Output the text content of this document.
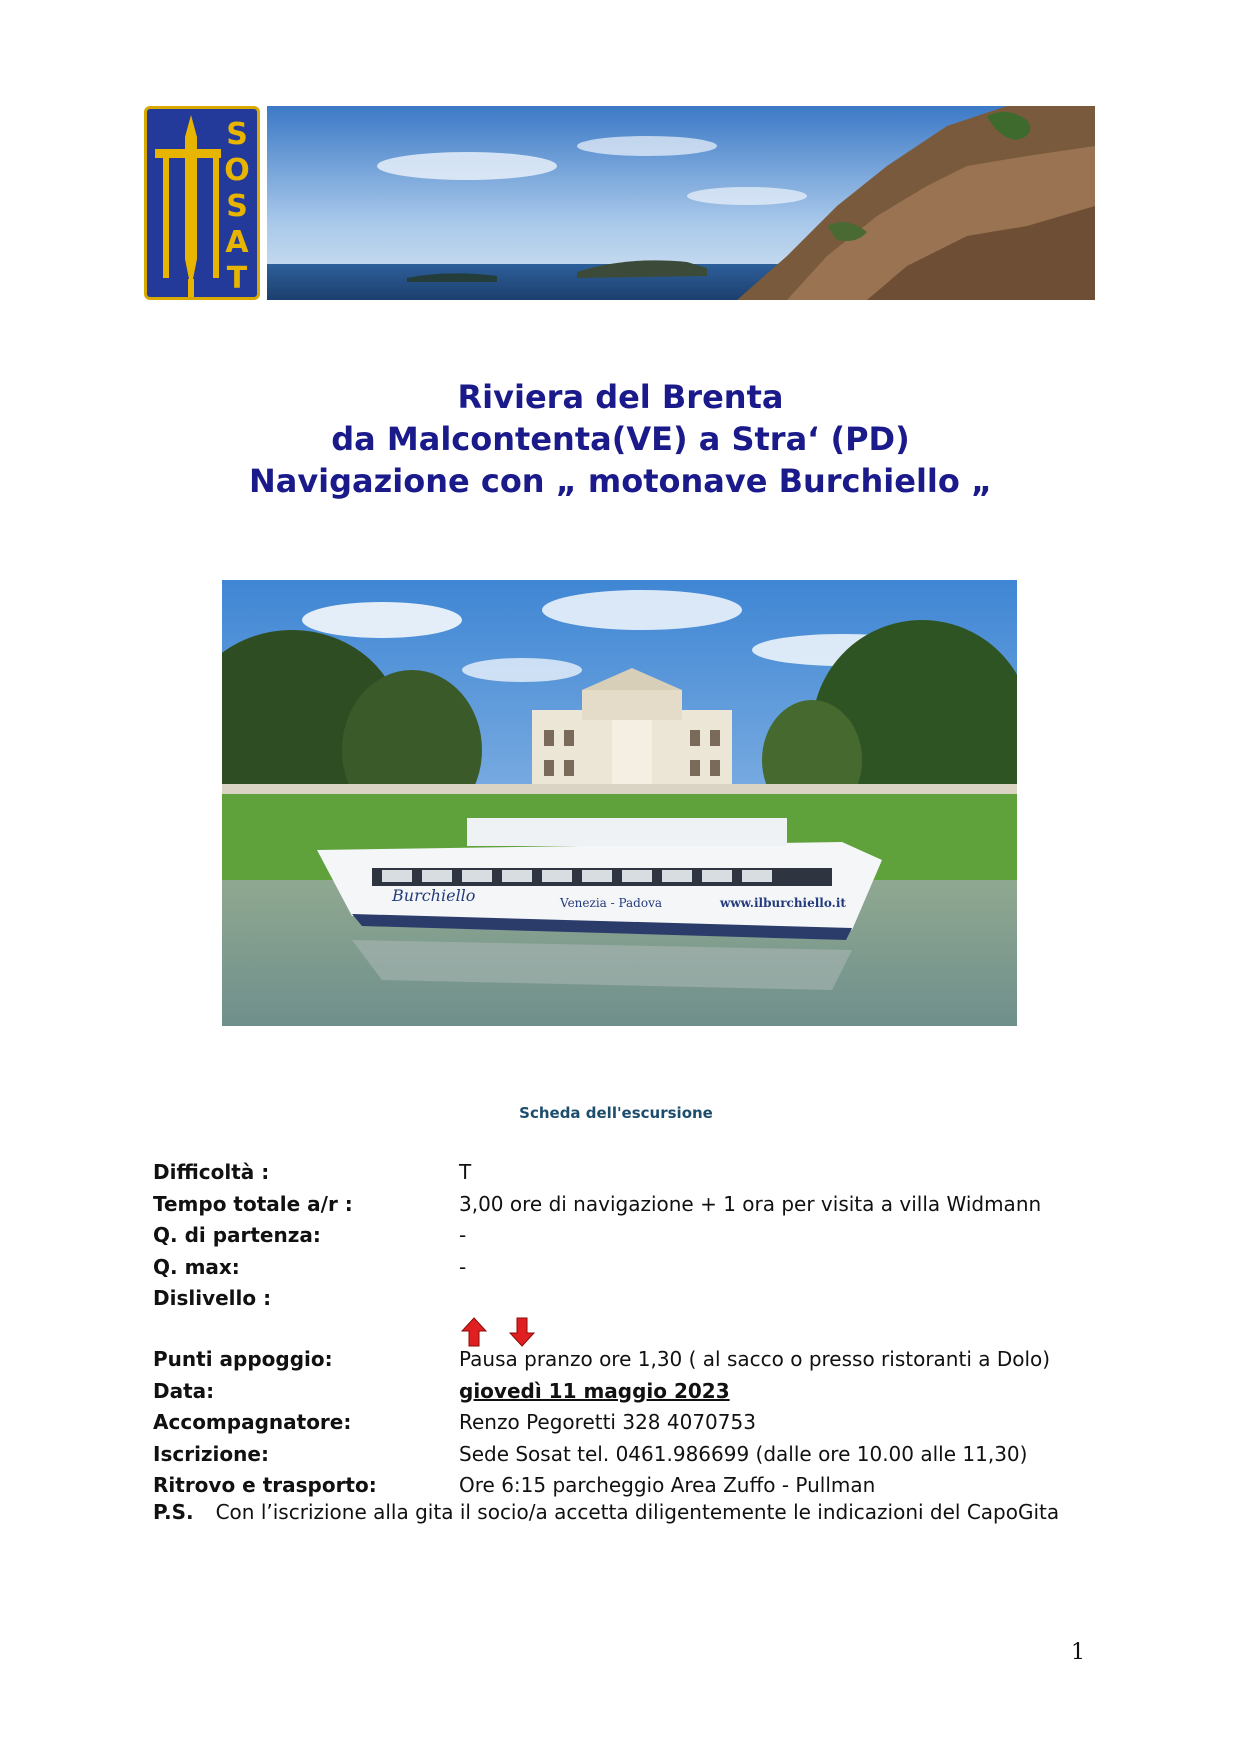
S
O
S
A
T
Riviera del Brenta
da Malcontenta(VE) a Stra‘ (PD)
Navigazione con „ motonave Burchiello „
Burchiello	Venezia - Padova	www.ilburchiello.it
Scheda dell'escursione
Difficoltà :	T
Tempo totale a/r :	3,00 ore di navigazione + 1 ora per visita a villa Widmann
Q. di partenza:	-
Q. max:	-
Dislivello :
Punti appoggio:	Pausa pranzo ore 1,30 ( al sacco o presso ristoranti a Dolo)
Data:	giovedì 11 maggio 2023
Accompagnatore:	Renzo Pegoretti 328 4070753
Iscrizione:	Sede Sosat tel. 0461.986699 (dalle ore 10.00 alle 11,30)
Ritrovo e trasporto:	Ore 6:15 parcheggio Area Zuffo - Pullman
P.S. Con l’iscrizione alla gita il socio/a accetta diligentemente le indicazioni del CapoGita
1
